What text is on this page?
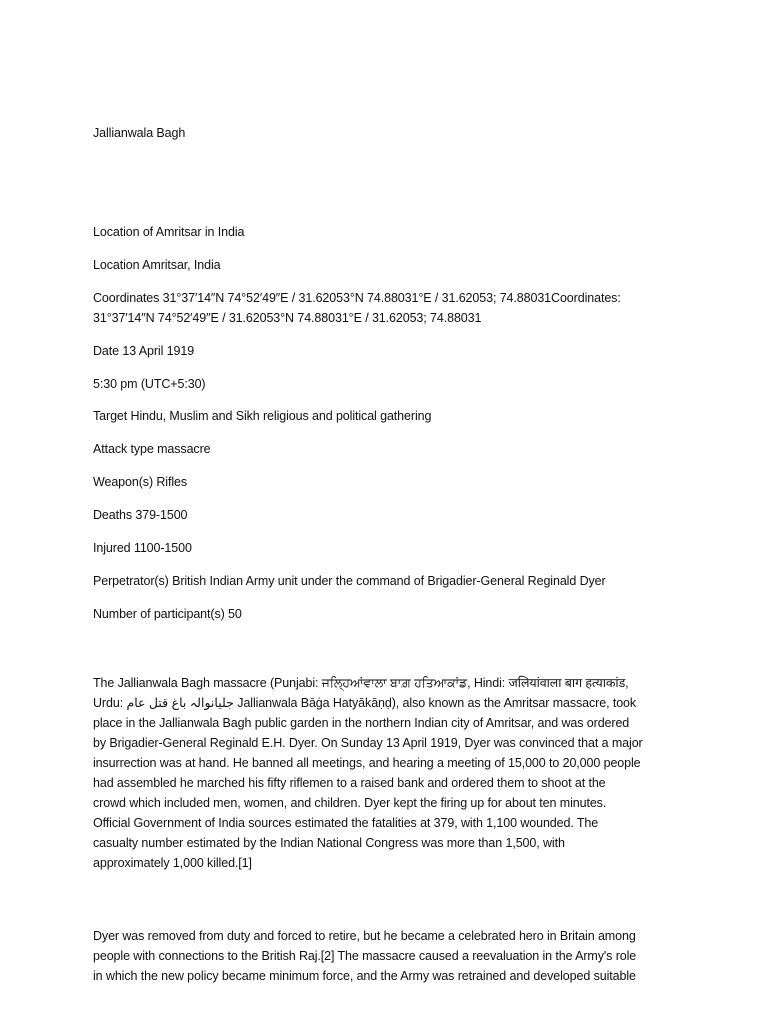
Jallianwala Bagh
Location of Amritsar in India
Location Amritsar, India
Coordinates 31°37′14″N 74°52′49″E / 31.62053°N 74.88031°E / 31.62053; 74.88031Coordinates:
31°37′14″N 74°52′49″E / 31.62053°N 74.88031°E / 31.62053; 74.88031
Date 13 April 1919
5:30 pm (UTC+5:30)
Target Hindu, Muslim and Sikh religious and political gathering
Attack type massacre
Weapon(s) Rifles
Deaths 379-1500
Injured 1100-1500
Perpetrator(s) British Indian Army unit under the command of Brigadier-General Reginald Dyer
Number of participant(s) 50
The Jallianwala Bagh massacre (Punjabi: ਜਲ੍ਹਿਆਂਵਾਲਾ ਬਾਗ਼ ਹਤਿਆਕਾਂਡ, Hindi: जलियांवाला बाग हत्याकांड,
Urdu: جلیانوالہ باغ قتل عام Jallianwala Bāġa Hatyākāṇḍ), also known as the Amritsar massacre, took
place in the Jallianwala Bagh public garden in the northern Indian city of Amritsar, and was ordered
by Brigadier-General Reginald E.H. Dyer. On Sunday 13 April 1919, Dyer was convinced that a major
insurrection was at hand. He banned all meetings, and hearing a meeting of 15,000 to 20,000 people
had assembled he marched his fifty riflemen to a raised bank and ordered them to shoot at the
crowd which included men, women, and children. Dyer kept the firing up for about ten minutes.
Official Government of India sources estimated the fatalities at 379, with 1,100 wounded. The
casualty number estimated by the Indian National Congress was more than 1,500, with
approximately 1,000 killed.[1]
Dyer was removed from duty and forced to retire, but he became a celebrated hero in Britain among
people with connections to the British Raj.[2] The massacre caused a reevaluation in the Army's role
in which the new policy became minimum force, and the Army was retrained and developed suitable
